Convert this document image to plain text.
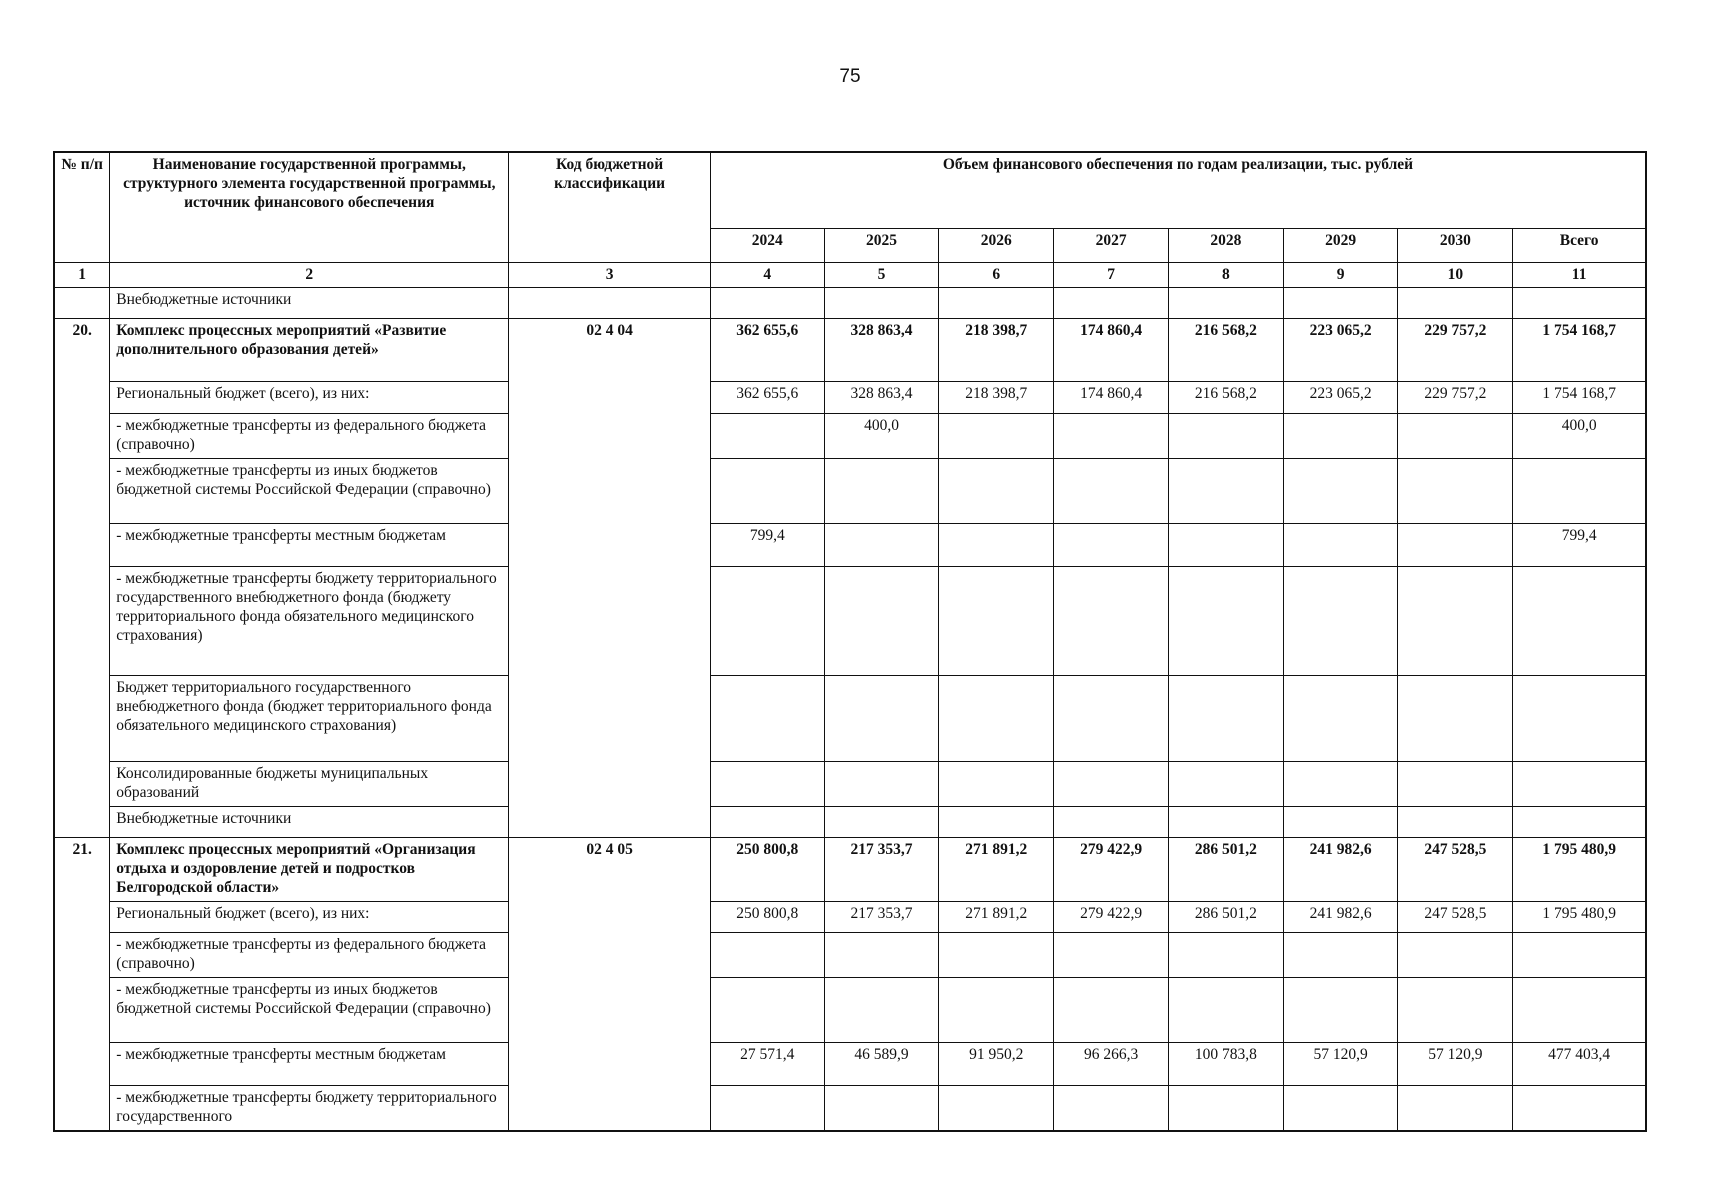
75
№ п/п	Наименование государственной программы, структурного элемента государственной программы, источник финансового обеспечения	Код бюджетной классификации	Объем финансового обеспечения по годам реализации, тыс. рублей							
			2024	2025	2026	2027	2028	2029	2030	Всего
1	2	3	4	5	6	7	8	9	10	11
	Внебюджетные источники									
20.	Комплекс процессных мероприятий «Развитие дополнительного образования детей»	02 4 04	362 655,6	328 863,4	218 398,7	174 860,4	216 568,2	223 065,2	229 757,2	1 754 168,7
	Региональный бюджет (всего), из них:		362 655,6	328 863,4	218 398,7	174 860,4	216 568,2	223 065,2	229 757,2	1 754 168,7
	- межбюджетные трансферты из федерального бюджета (справочно)			400,0						400,0
	- межбюджетные трансферты из иных бюджетов бюджетной системы Российской Федерации (справочно)									
	- межбюджетные трансферты местным бюджетам		799,4							799,4
	- межбюджетные трансферты бюджету территориального государственного внебюджетного фонда (бюджету территориального фонда обязательного медицинского страхования)									
	Бюджет территориального государственного внебюджетного фонда (бюджет территориального фонда обязательного медицинского страхования)									
	Консолидированные бюджеты муниципальных образований									
	Внебюджетные источники									
21.	Комплекс процессных мероприятий «Организация отдыха и оздоровление детей и подростков Белгородской области»	02 4 05	250 800,8	217 353,7	271 891,2	279 422,9	286 501,2	241 982,6	247 528,5	1 795 480,9
	Региональный бюджет (всего), из них:		250 800,8	217 353,7	271 891,2	279 422,9	286 501,2	241 982,6	247 528,5	1 795 480,9
	- межбюджетные трансферты из федерального бюджета (справочно)									
	- межбюджетные трансферты из иных бюджетов бюджетной системы Российской Федерации (справочно)									
	- межбюджетные трансферты местным бюджетам		27 571,4	46 589,9	91 950,2	96 266,3	100 783,8	57 120,9	57 120,9	477 403,4
	- межбюджетные трансферты бюджету территориального государственного									
